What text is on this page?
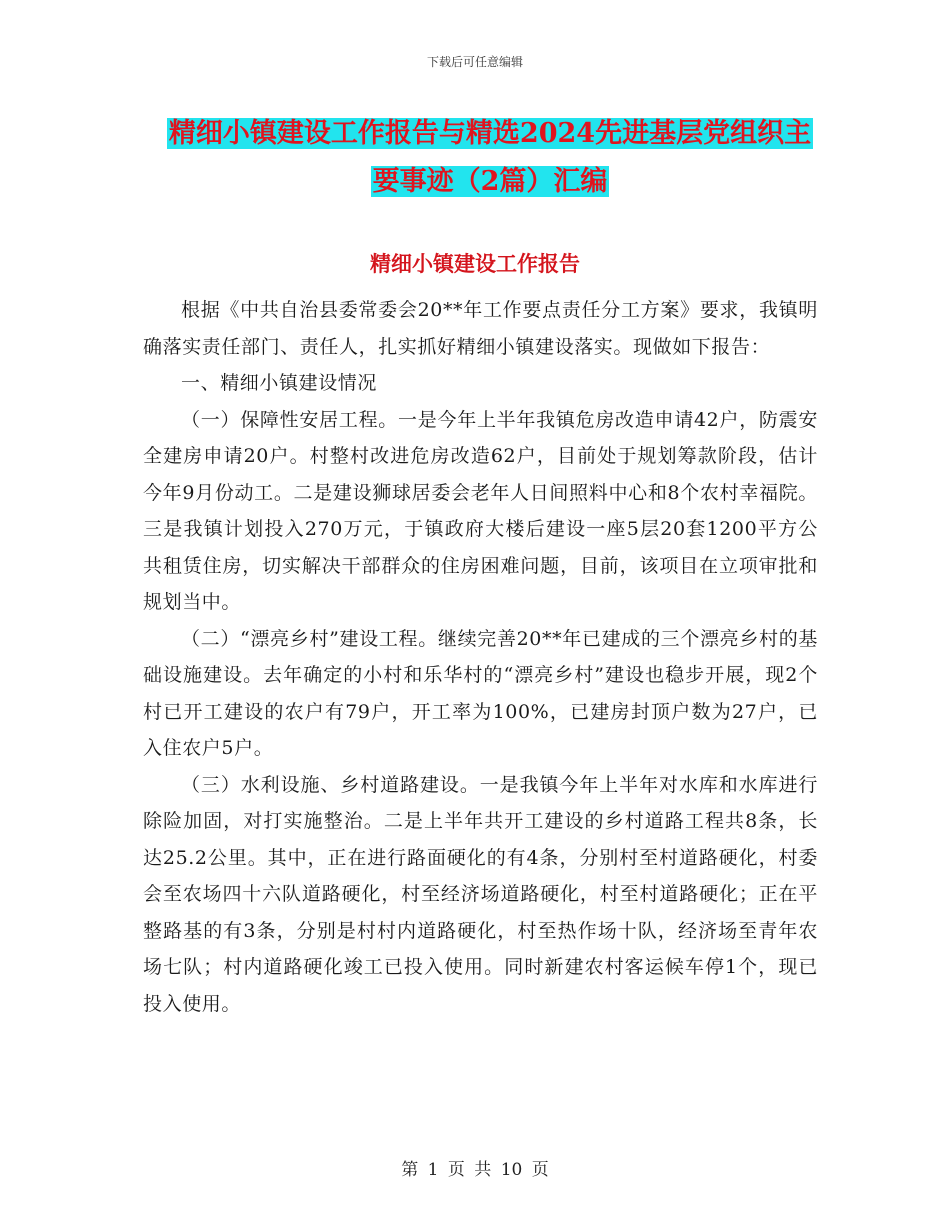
下载后可任意编辑
精细小镇建设工作报告与精选2024先进基层党组织主
要事迹（2篇）汇编
精细小镇建设工作报告

根据《中共自治县委常委会20**年工作要点责任分工方案》要求，我镇明确落实责任部门、责任人，扎实抓好精细小镇建设落实。现做如下报告：

一、精细小镇建设情况

（一）保障性安居工程。一是今年上半年我镇危房改造申请42户，防震安全建房申请20户。村整村改进危房改造62户，目前处于规划筹款阶段，估计今年9月份动工。二是建设狮球居委会老年人日间照料中心和8个农村幸福院。三是我镇计划投入270万元，于镇政府大楼后建设一座5层20套1200平方公共租赁住房，切实解决干部群众的住房困难问题，目前，该项目在立项审批和规划当中。

（二）“漂亮乡村”建设工程。继续完善20**年已建成的三个漂亮乡村的基础设施建设。去年确定的小村和乐华村的“漂亮乡村”建设也稳步开展，现2个村已开工建设的农户有79户，开工率为100%，已建房封顶户数为27户，已入住农户5户。

（三）水利设施、乡村道路建设。一是我镇今年上半年对水库和水库进行除险加固，对打实施整治。二是上半年共开工建设的乡村道路工程共8条，长达25.2公里。其中，正在进行路面硬化的有4条，分别村至村道路硬化，村委会至农场四十六队道路硬化，村至经济场道路硬化，村至村道路硬化；正在平整路基的有3条，分别是村村内道路硬化，村至热作场十队，经济场至青年农场七队；村内道路硬化竣工已投入使用。同时新建农村客运候车停1个，现已投入使用。

第 1 页 共 10 页
